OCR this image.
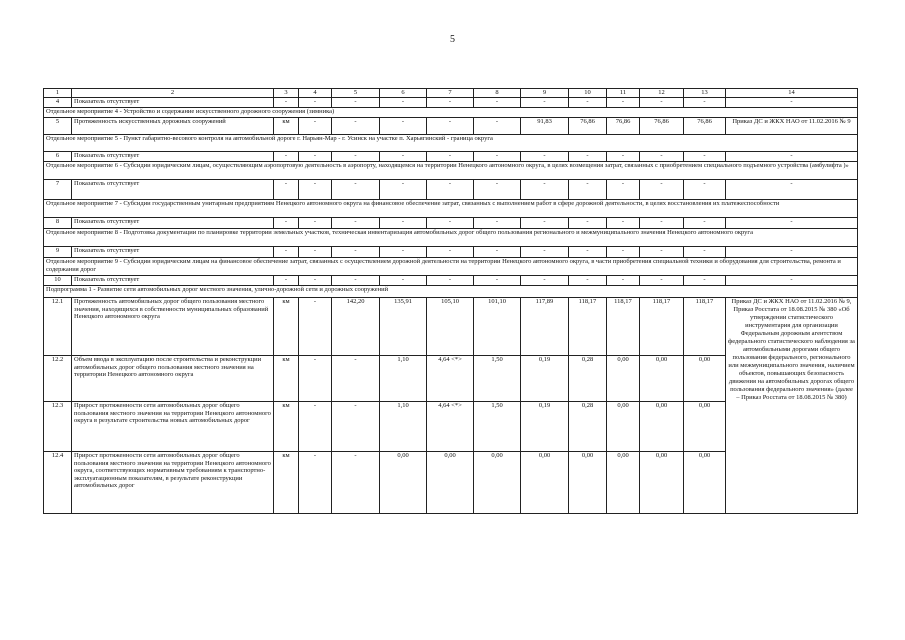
5
1	2	3	4	5	6	7	8	9	10	11	12	13	14
4	Показатель отсутствует	-	-	-	-	-	-	-	-	-	-	-	-
Отдельное мероприятие 4 - Устройство и содержание искусственного дорожного сооружения (зимника)													
5	Протяженность искусственных дорожных сооружений	км	-	-	-	-	-	91,83	76,86	76,86	76,86	76,86	Приказ ДС и ЖКХ НАО от 11.02.2016 № 9
Отдельное мероприятие 5 - Пункт габаритно-весового контроля на автомобильной дороге г. Нарьян-Мар - г. Усинск на участке п. Харьягинский - граница округа													
6	Показатель отсутствует	-	-	-	-	-	-	-	-	-	-	-	-
Отдельное мероприятие 6 - Субсидии юридическим лицам, осуществляющим аэропортовую деятельность в аэропорту, находящемся на территории Ненецкого автономного округа, в целях возмещения затрат, связанных с приобретением специального подъемного устройства (амбулифта )»													
7	Показатель отсутствует	-	-	-	-	-	-	-	-	-	-	-	-
Отдельное мероприятие 7 - Субсидии государственным унитарным предприятиям Ненецкого автономного округа на финансовое обеспечение затрат, связанных с выполнением работ в сфере дорожной деятельности, в целях восстановления их платежеспособности													
8	Показатель отсутствует	-	-	-	-	-	-	-	-	-	-	-	-
Отдельное мероприятие 8 - Подготовка документации по планировке территории земельных участков, техническая инвентаризация автомобильных дорог общего пользования регионального и межмуниципального значения Ненецкого автономного округа													
9	Показатель отсутствует	-	-	-	-	-	-	-	-	-	-	-	-
Отдельное мероприятие 9 - Субсидии юридическим лицам на финансовое обеспечение затрат, связанных с осуществлением дорожной деятельности на территории Ненецкого автономного округа, в части приобретения специальной техники и оборудования для строительства, ремонта и содержания дорог													
10	Показатель отсутствует	-	-	-	-	-	-	-	-	-	-	-	-
Подпрограмма 1 - Развитие сети автомобильных дорог местного значения, улично-дорожной сети и дорожных сооружений													
12.1	Протяженность автомобильных дорог общего пользования местного значения, находящихся в собственности муниципальных образований Ненецкого автономного округа	км	-	142,20	135,91	105,10	101,10	117,89	118,17	118,17	118,17	118,17	Приказ ДС и ЖКХ НАО от 11.02.2016 № 9, Приказ Росстата от 18.08.2015 № 380 «Об утверждении статистического инструментария для организации Федеральным дорожным агентством федерального статистического наблюдения за автомобильными дорогами общего пользования федерального, регионального или межмуниципального значения, наличием объектов, повышающих безопасность движения на автомобильных дорогах общего пользования федерального значения» (далее – Приказ Росстата от 18.08.2015 № 380)
12.2	Объем ввода в эксплуатацию после строительства и реконструкции автомобильных дорог общего пользования местного значения на территории Ненецкого автономного округа	км	-	-	1,10	4,64 <*>	1,50	0,19	0,28	0,00	0,00	0,00	
12.3	Прирост протяженности сети автомобильных дорог общего пользования местного значения на территории Ненецкого автономного округа в результате строительства новых автомобильных дорог	км	-	-	1,10	4,64 <*>	1,50	0,19	0,28	0,00	0,00	0,00	
12.4	Прирост протяженности сети автомобильных дорог общего пользования местного значения на территории Ненецкого автономного округа, соответствующих нормативным требованиям к транспортно-эксплуатационным показателям, в результате реконструкции автомобильных дорог	км	-	-	0,00	0,00	0,00	0,00	0,00	0,00	0,00	0,00	
